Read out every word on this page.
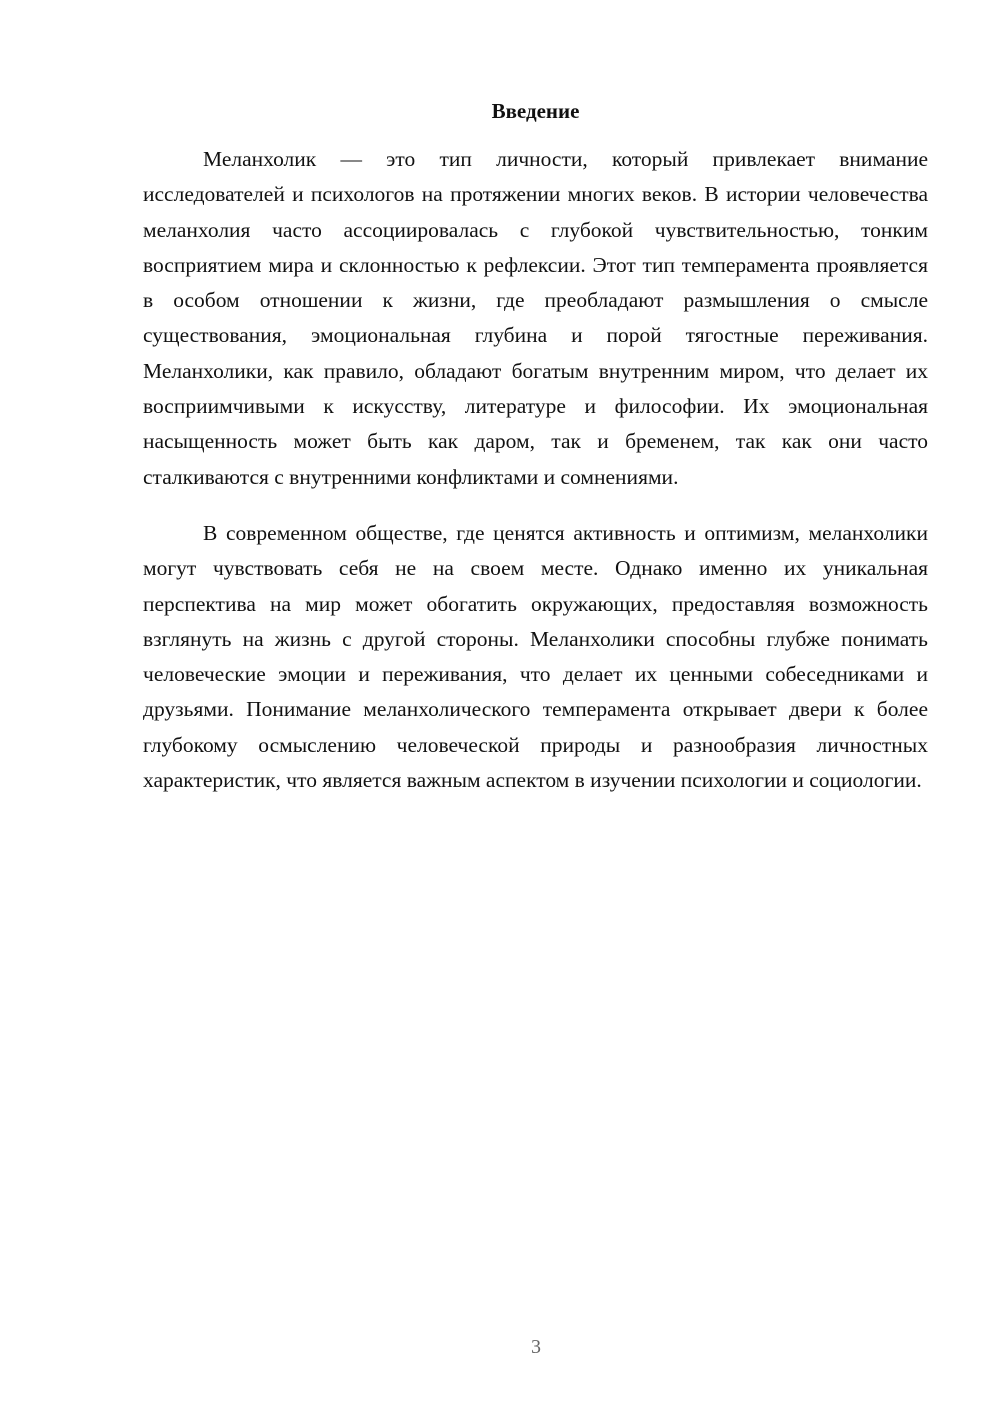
Введение

Меланхолик — это тип личности, который привлекает внимание исследователей и психологов на протяжении многих веков. В истории человечества меланхолия часто ассоциировалась с глубокой чувствительностью, тонким восприятием мира и склонностью к рефлексии. Этот тип темперамента проявляется в особом отношении к жизни, где преобладают размышления о смысле существования, эмоциональная глубина и порой тягостные переживания. Меланхолики, как правило, обладают богатым внутренним миром, что делает их восприимчивыми к искусству, литературе и философии. Их эмоциональная насыщенность может быть как даром, так и бременем, так как они часто сталкиваются с внутренними конфликтами и сомнениями.

В современном обществе, где ценятся активность и оптимизм, меланхолики могут чувствовать себя не на своем месте. Однако именно их уникальная перспектива на мир может обогатить окружающих, предоставляя возможность взглянуть на жизнь с другой стороны. Меланхолики способны глубже понимать человеческие эмоции и переживания, что делает их ценными собеседниками и друзьями. Понимание меланхолического темперамента открывает двери к более глубокому осмыслению человеческой природы и разнообразия личностных характеристик, что является важным аспектом в изучении психологии и социологии.

3
